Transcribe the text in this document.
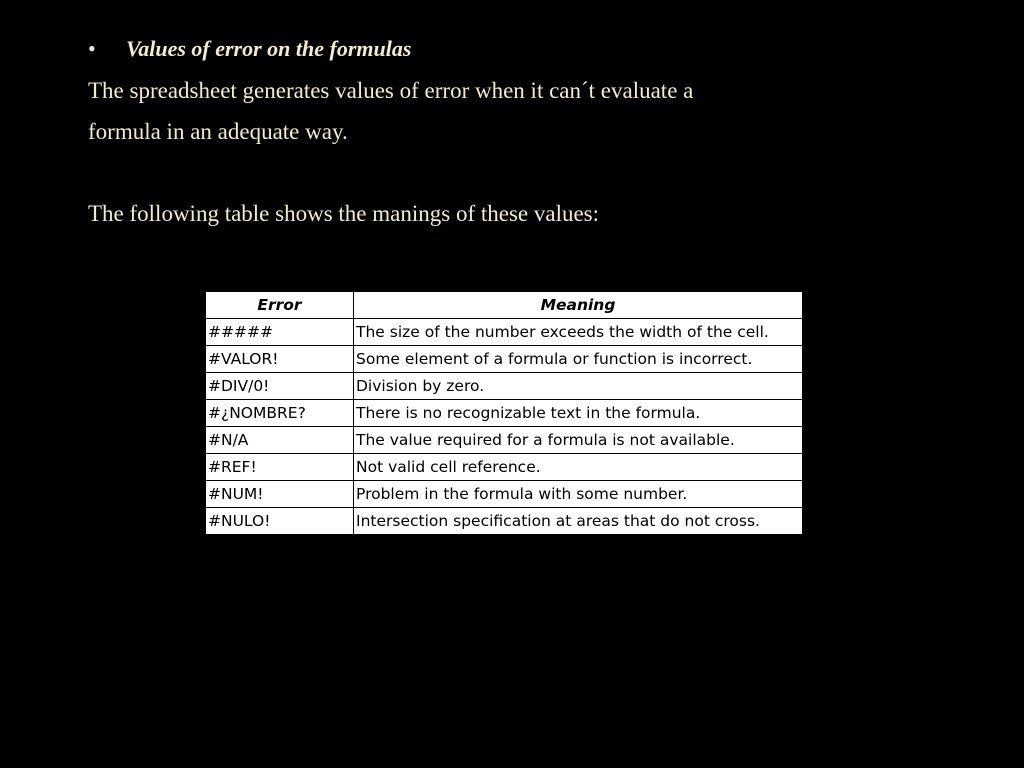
• Values of error on the formulas
The spreadsheet generates values of error when it can´t evaluate a
formula in an adequate way.
The following table shows the manings of these values:
Error	Meaning
#####	The size of the number exceeds the width of the cell.
#VALOR!	Some element of a formula or function is incorrect.
#DIV/0!	Division by zero.
#¿NOMBRE?	There is no recognizable text in the formula.
#N/A	The value required for a formula is not available.
#REF!	Not valid cell reference.
#NUM!	Problem in the formula with some number.
#NULO!	Intersection specification at areas that do not cross.
